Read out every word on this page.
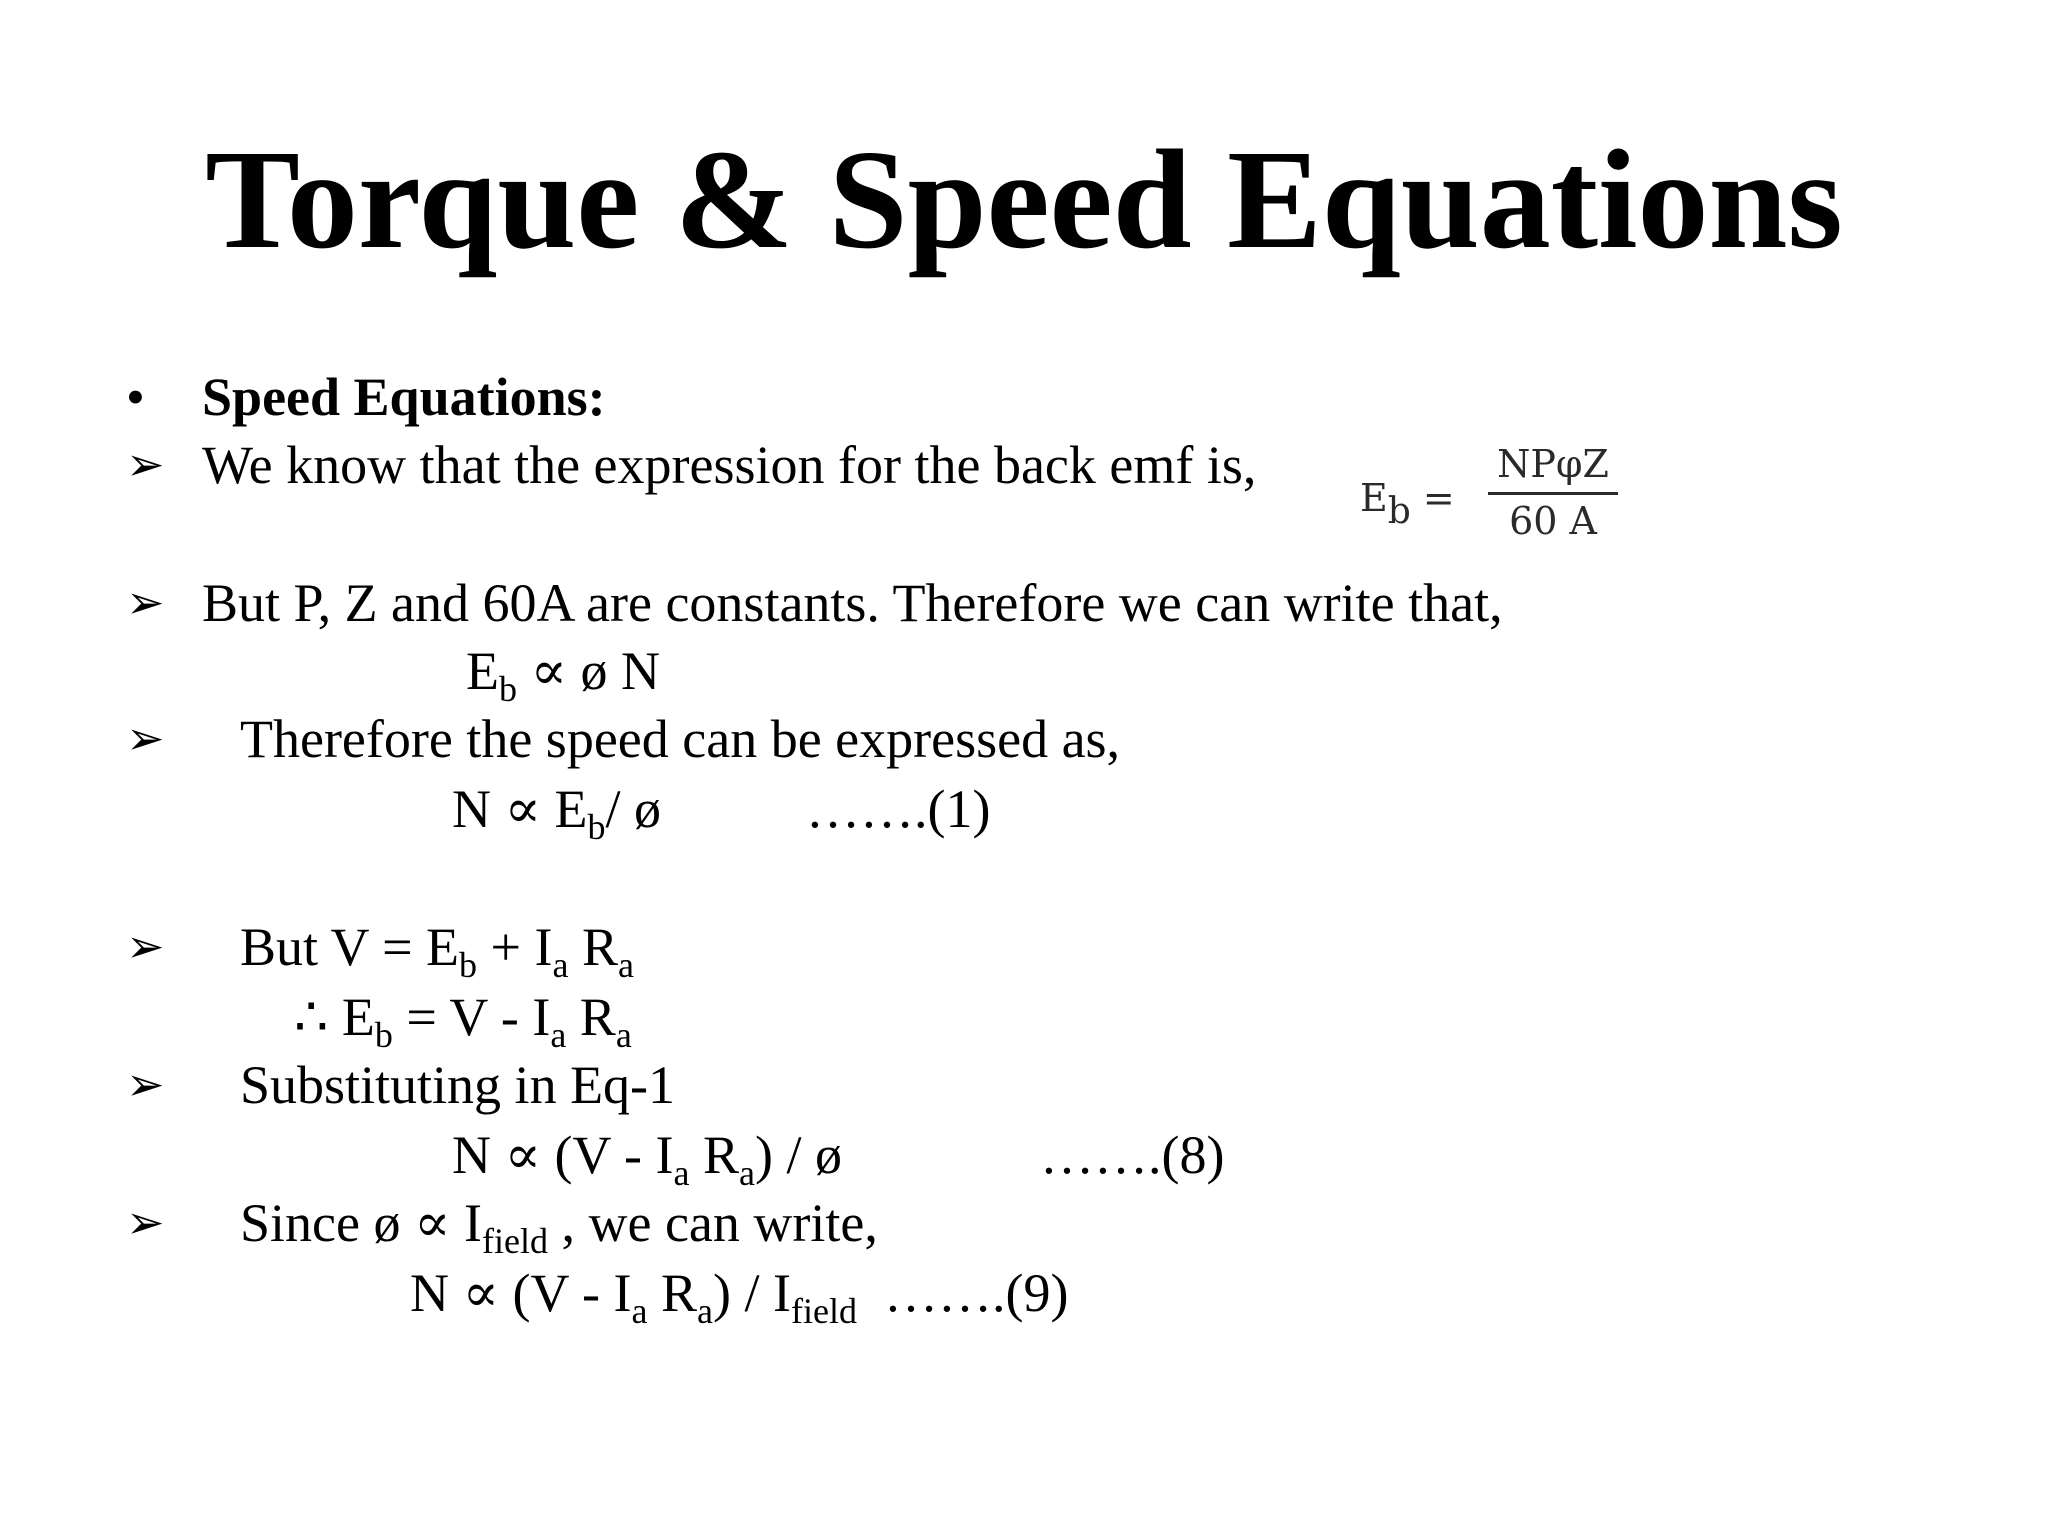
Torque & Speed Equations
• Speed Equations:
➢ We know that the expression for the back emf is,
$E_b$ =
NPφZ
60 A
➢ But P, Z and 60A are constants. Therefore we can write that,
$E_b$ ∝ ø N
➢ Therefore the speed can be expressed as,
$N \propto E_b/$ ø	…….(1)
➢ But $V = E_b + I_a$ $R_a$
∴ $E_b = V - I_a$ $R_a$
➢ Substituting in Eq-1
$N \propto (V - I_a$ $R_a$) / ø	…….(8)
➢ Since ø ∝ $I_{field}$ , we can write,
$N \propto (V - I_a$ $R_a) / I_{field}$  …….(9)
